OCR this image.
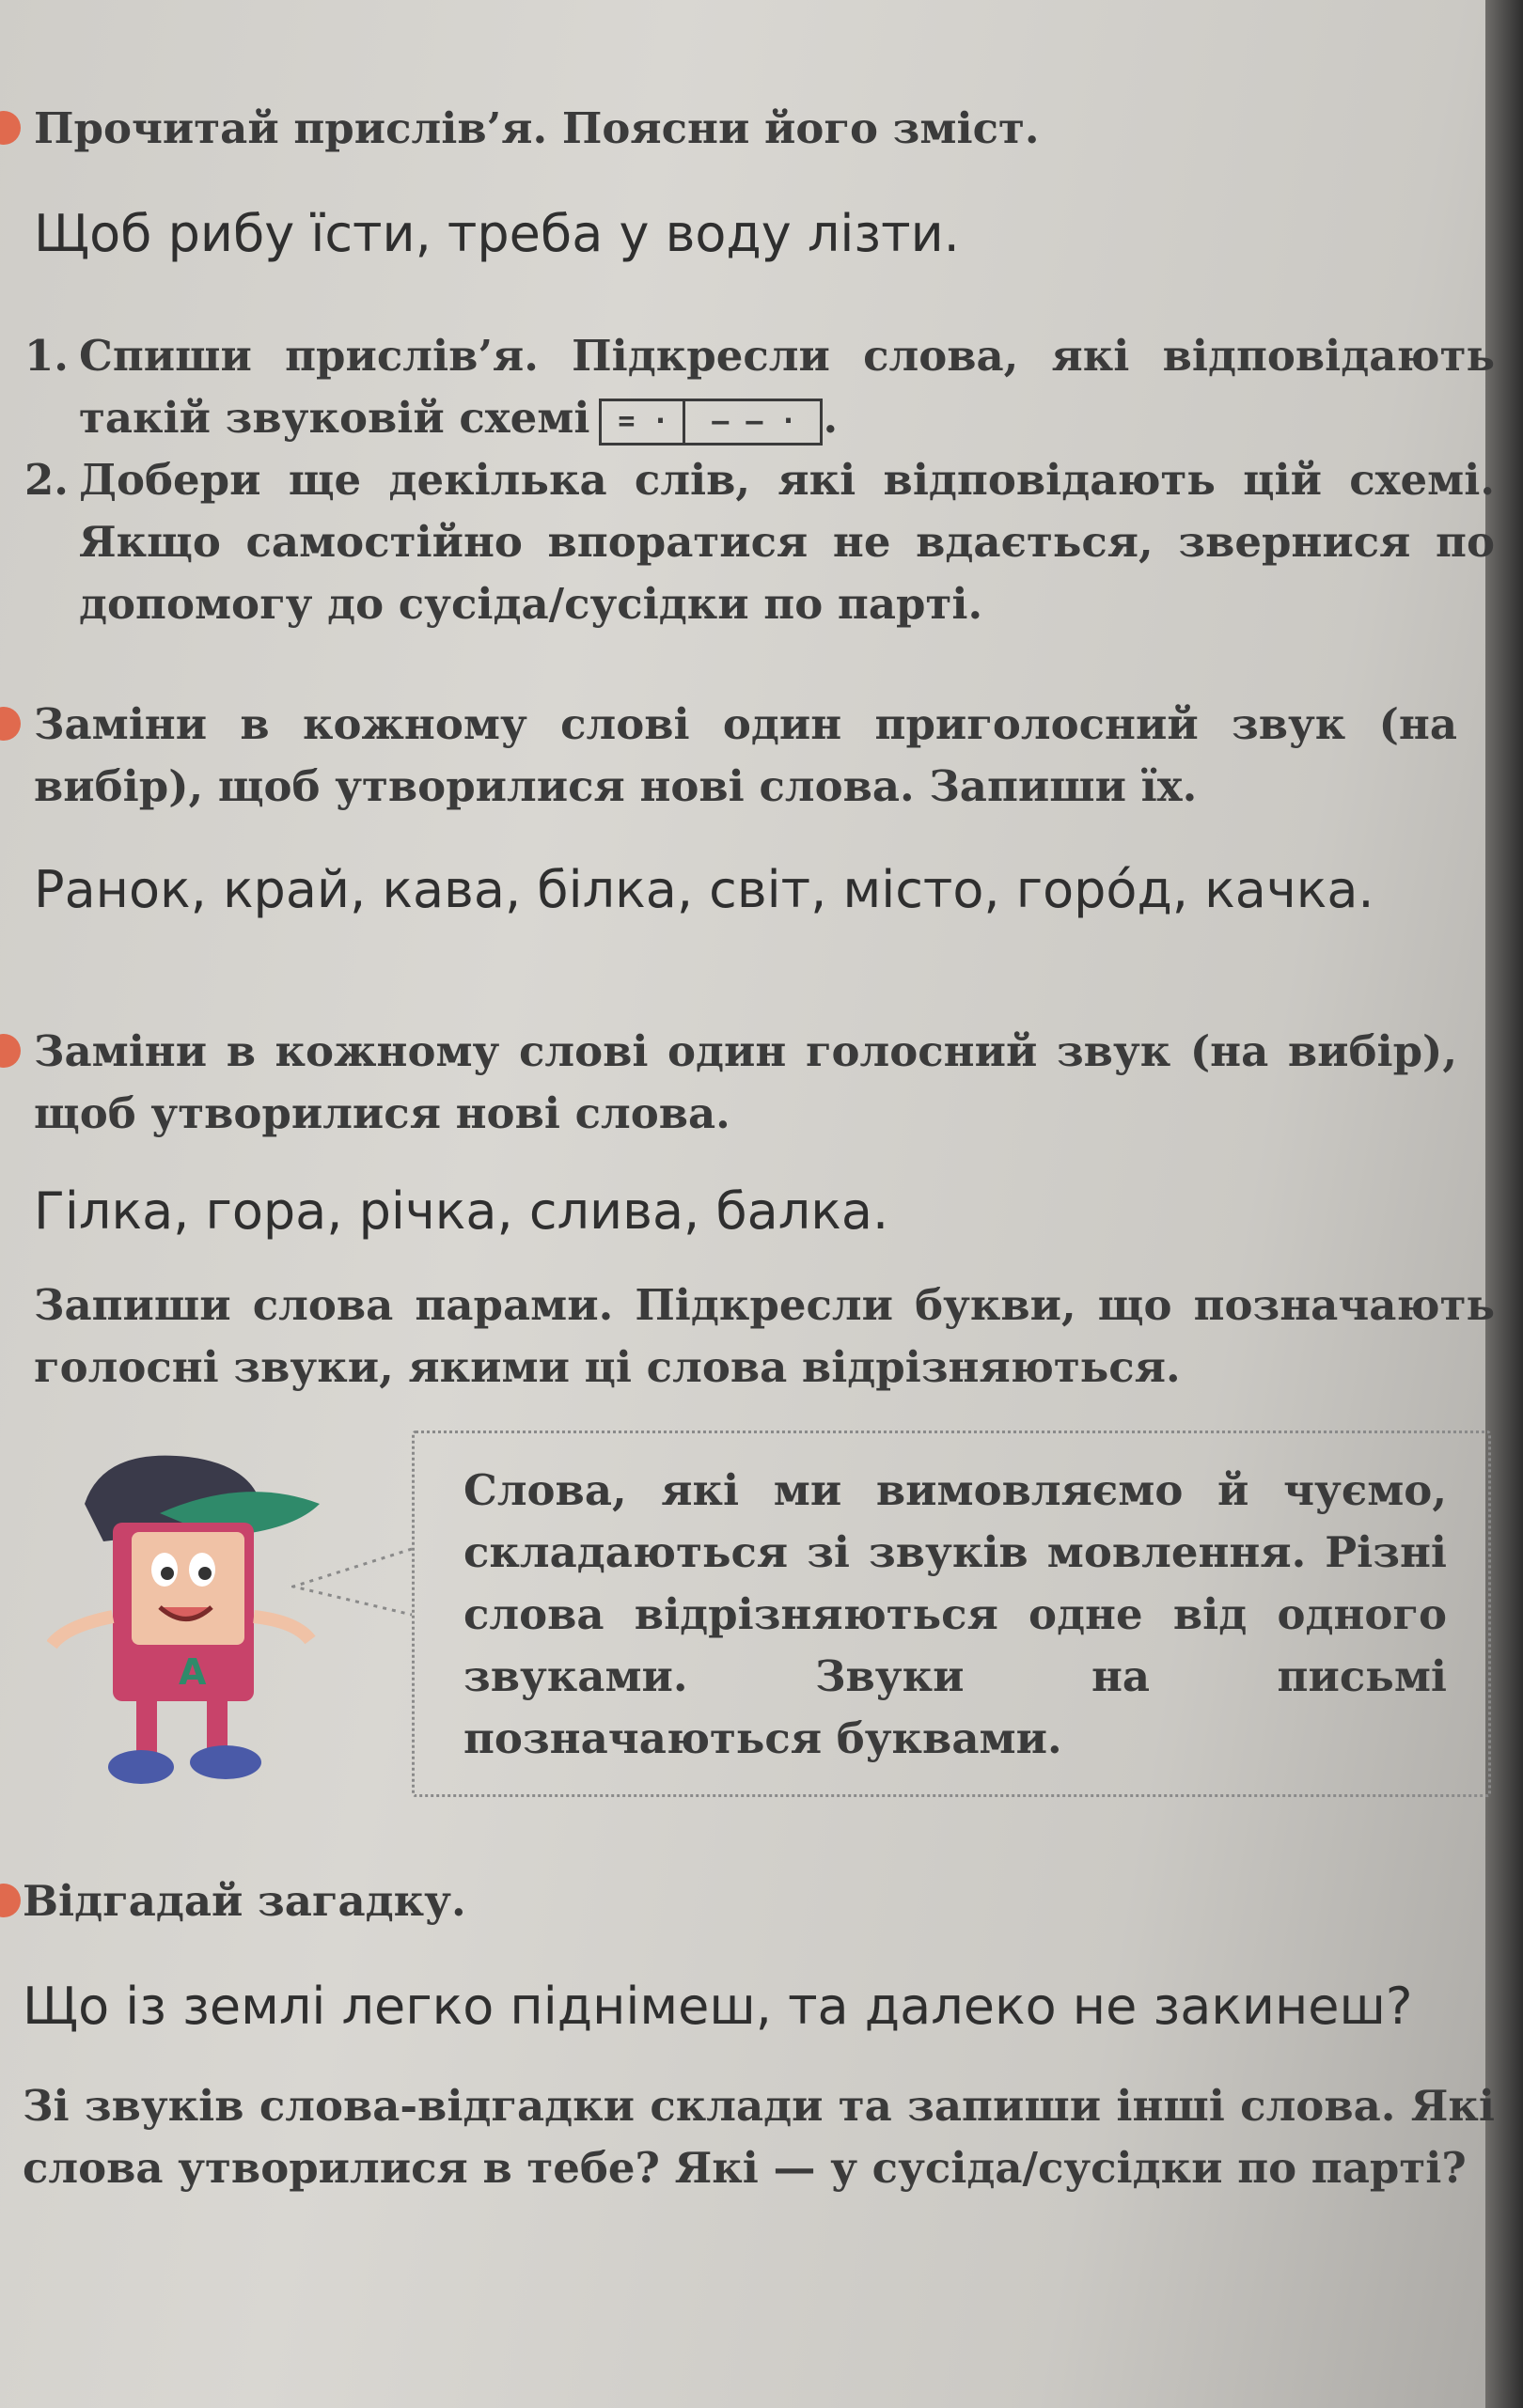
Прочитай прислів’я. Поясни його зміст.

Щоб рибу їсти, треба у воду лізти.

1. Спиши прислів’я. Підкресли слова, які відповідають такій звуковій схемі = ·	– – · .

2. Добери ще декілька слів, які відповідають цій схемі. Якщо самостійно впоратися не вдається, звернися по допомогу до сусіда/сусідки по парті.

Заміни в кожному слові один приголосний звук (на вибір), щоб утворилися нові слова. Запиши їх.

Ранок, край, кава, білка, світ, місто, горо́д, качка.

Заміни в кожному слові один голосний звук (на вибір), щоб утворилися нові слова.

Гілка, гора, річка, слива, балка.

Запиши слова парами. Підкресли букви, що позначають голосні звуки, якими ці слова відрізняються.

А

Слова, які ми вимовляємо й чуємо, складаються зі звуків мовлення. Різні слова відрізняються одне від одного звуками. Звуки на письмі позначаються буквами.

Відгадай загадку.

Що із землі легко піднімеш, та далеко не закинеш?

Зі звуків слова-відгадки склади та запиши інші слова. Які слова утворилися в тебе? Які — у сусіда/сусідки по парті?
